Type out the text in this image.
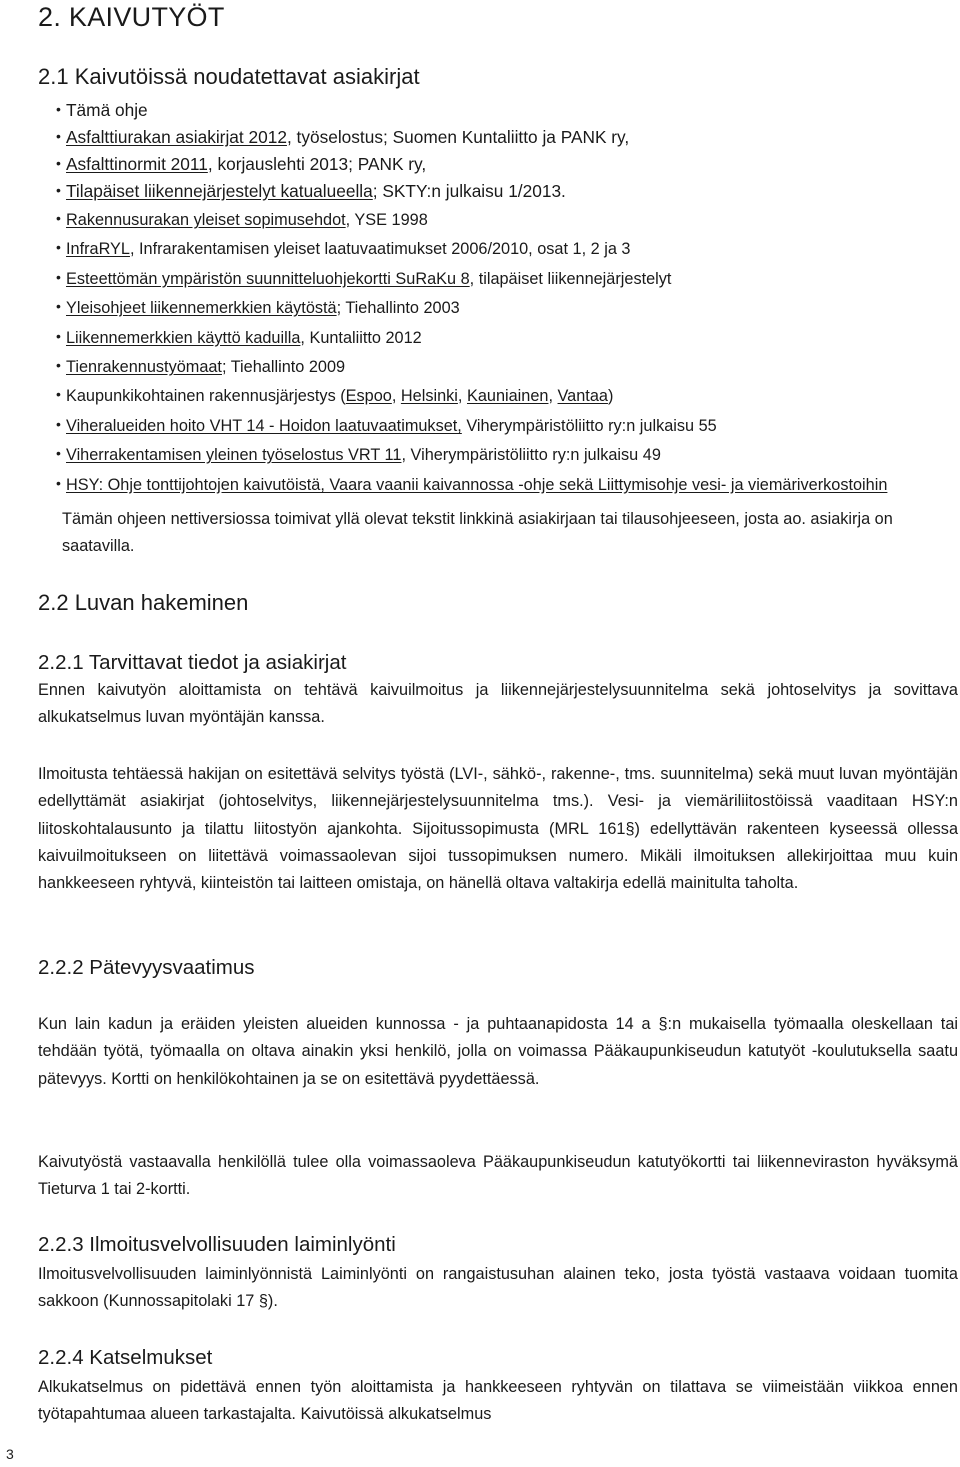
2. KAIVUTYÖT
2.1 Kaivutöissä noudatettavat asiakirjat
• Tämä ohje
• Asfalttiurakan asiakirjat 2012, työselostus; Suomen Kuntaliitto ja PANK ry,
• Asfalttinormit 2011, korjauslehti 2013; PANK ry,
• Tilapäiset liikennejärjestelyt katualueella; SKTY:n julkaisu 1/2013.
• Rakennusurakan yleiset sopimusehdot, YSE 1998
• InfraRYL, Infrarakentamisen yleiset laatuvaatimukset 2006/2010, osat 1, 2 ja 3
• Esteettömän ympäristön suunnitteluohjekortti SuRaKu 8, tilapäiset liikennejärjestelyt
• Yleisohjeet liikennemerkkien käytöstä; Tiehallinto 2003
• Liikennemerkkien käyttö kaduilla, Kuntaliitto 2012
• Tienrakennustyömaat; Tiehallinto 2009
• Kaupunkikohtainen rakennusjärjestys (Espoo, Helsinki, Kauniainen, Vantaa)
• Viheralueiden hoito VHT 14 - Hoidon laatuvaatimukset, Viherympäristöliitto ry:n julkaisu 55
• Viherrakentamisen yleinen työselostus VRT 11, Viherympäristöliitto ry:n julkaisu 49
• HSY: Ohje tonttijohtojen kaivutöistä, Vaara vaanii kaivannossa -ohje sekä Liittymisohje vesi- ja viemäriverkostoihin

Tämän ohjeen nettiversiossa toimivat yllä olevat tekstit linkkinä asiakirjaan tai tilausohjeeseen, josta ao. asiakirja on saatavilla.

2.2 Luvan hakeminen
2.2.1 Tarvittavat tiedot ja asiakirjat

Ennen kaivutyön aloittamista on tehtävä kaivuilmoitus ja liikennejärjestelysuunnitelma sekä johtoselvitys ja sovittava alkukatselmus luvan myöntäjän kanssa.

Ilmoitusta tehtäessä hakijan on esitettävä selvitys työstä (LVI-, sähkö-, rakenne-, tms. suunnitelma) sekä muut luvan myöntäjän edellyttämät asiakirjat (johtoselvitys, liikennejärjestelysuunnitelma tms.). Vesi- ja viemäriliitostöissä vaaditaan HSY:n liitoskohtalausunto ja tilattu liitostyön ajankohta. Sijoitussopimusta (MRL 161§) edellyttävän rakenteen kyseessä ollessa kaivuilmoitukseen on liitettävä voimassaolevan sijoi tussopimuksen numero. Mikäli ilmoituksen allekirjoittaa muu kuin hankkeeseen ryhtyvä, kiinteistön tai laitteen omistaja, on hänellä oltava valtakirja edellä mainitulta taholta.

2.2.2 Pätevyysvaatimus

Kun lain kadun ja eräiden yleisten alueiden kunnossa - ja puhtaanapidosta 14 a §:n mukaisella työmaalla oleskellaan tai tehdään työtä, työmaalla on oltava ainakin yksi henkilö, jolla on voimassa Pääkaupunkiseudun katutyöt -koulutuksella saatu pätevyys. Kortti on henkilökohtainen ja se on esitettävä pyydettäessä.

Kaivutyöstä vastaavalla henkilöllä tulee olla voimassaoleva Pääkaupunkiseudun katutyökortti tai liikenneviraston hyväksymä Tieturva 1 tai 2-kortti.

2.2.3 Ilmoitusvelvollisuuden laiminlyönti

Ilmoitusvelvollisuuden laiminlyönnistä Laiminlyönti on rangaistusuhan alainen teko, josta työstä vastaava voidaan tuomita sakkoon (Kunnossapitolaki 17 §).

2.2.4 Katselmukset

Alkukatselmus on pidettävä ennen työn aloittamista ja hankkeeseen ryhtyvän on tilattava se viimeistään viikkoa ennen työtapahtumaa alueen tarkastajalta. Kaivutöissä alkukatselmus

3
